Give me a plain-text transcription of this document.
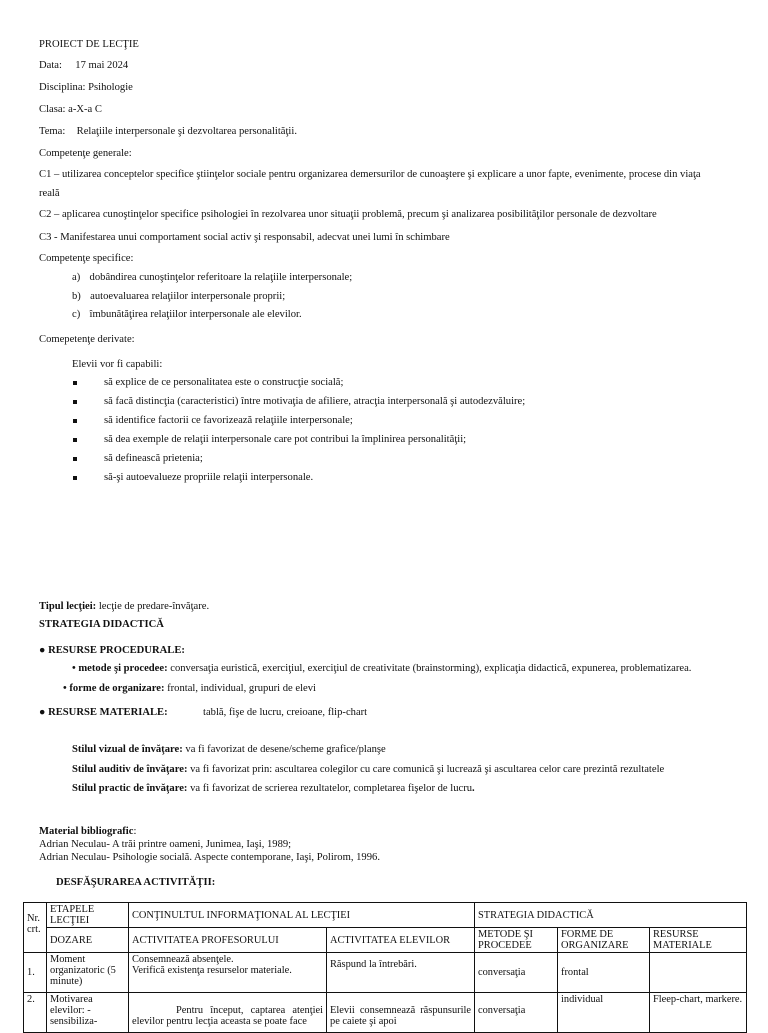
PROIECT DE LECŢIE
Data: 17 mai 2024
Disciplina: Psihologie
Clasa: a-X-a C
Tema: Relaţiile interpersonale şi dezvoltarea personalităţii.
Competenţe generale:
C1 – utilizarea conceptelor specifice ştiinţelor sociale pentru organizarea demersurilor de cunoaştere şi explicare a unor fapte, evenimente, procese din viaţa
reală
C2 – aplicarea cunoştinţelor specifice psihologiei în rezolvarea unor situaţii problemă, precum şi analizarea posibilităţilor personale de dezvoltare
C3 - Manifestarea unui comportament social activ şi responsabil, adecvat unei lumi în schimbare
Competenţe specifice:
a) dobândirea cunoştinţelor referitoare la relaţiile interpersonale;
b) autoevaluarea relaţiilor interpersonale proprii;
c) îmbunătăţirea relaţiilor interpersonale ale elevilor.
Comepetenţe derivate:
Elevii vor fi capabili:
să explice de ce personalitatea este o construcţie socială;
să facă distincţia (caracteristici) între motivaţia de afiliere, atracţia interpersonală şi autodezvăluire;
să identifice factorii ce favorizează relaţiile interpersonale;
să dea exemple de relaţii interpersonale care pot contribui la împlinirea personalităţii;
să definească prietenia;
să-şi autoevalueze propriile relaţii interpersonale.
Tipul lecţiei: lecţie de predare-învăţare.
STRATEGIA DIDACTICĂ
● RESURSE PROCEDURALE:
• metode şi procedee: conversaţia euristică, exerciţiul, exerciţiul de creativitate (brainstorming), explicaţia didactică, expunerea, problematizarea.
• forme de organizare: frontal, individual, grupuri de elevi
● RESURSE MATERIALE:	tablă, fişe de lucru, creioane, flip-chart
Stilul vizual de învăţare: va fi favorizat de desene/scheme grafice/planşe
Stilul auditiv de învăţare: va fi favorizat prin: ascultarea colegilor cu care comunică şi lucrează şi ascultarea celor care prezintă rezultatele
Stilul practic de învăţare: va fi favorizat de scrierea rezultatelor, completarea fişelor de lucru.
Material bibliografic:
Adrian Neculau- A trăi printre oameni, Junimea, Iaşi, 1989;
Adrian Neculau- Psihologie socială. Aspecte contemporane, Iaşi, Polirom, 1996.
DESFĂŞURAREA ACTIVITĂŢII:
Nr. crt.	ETAPELE LECŢIEI	CONŢINULTUL INFORMAŢIONAL AL LECŢIEI		STRATEGIA DIDACTICĂ		
	DOZARE	ACTIVITATEA PROFESORULUI	ACTIVITATEA ELEVILOR	METODE ŞI PROCEDEE	FORME DE ORGANIZARE	RESURSE MATERIALE
1.	Moment organizatoric (5 minute)	Consemnează absenţele.
Verifică existenţa resurselor materiale.	Răspund la întrebări.	conversaţia	frontal	
2.	Motivarea elevilor: - sensibiliza-	Pentru început, captarea atenţiei elevilor pentru lecţia aceasta se poate face	Elevii consemnează răspunsurile pe caiete şi apoi	conversaţia	individual	Fleep-chart, markere.
